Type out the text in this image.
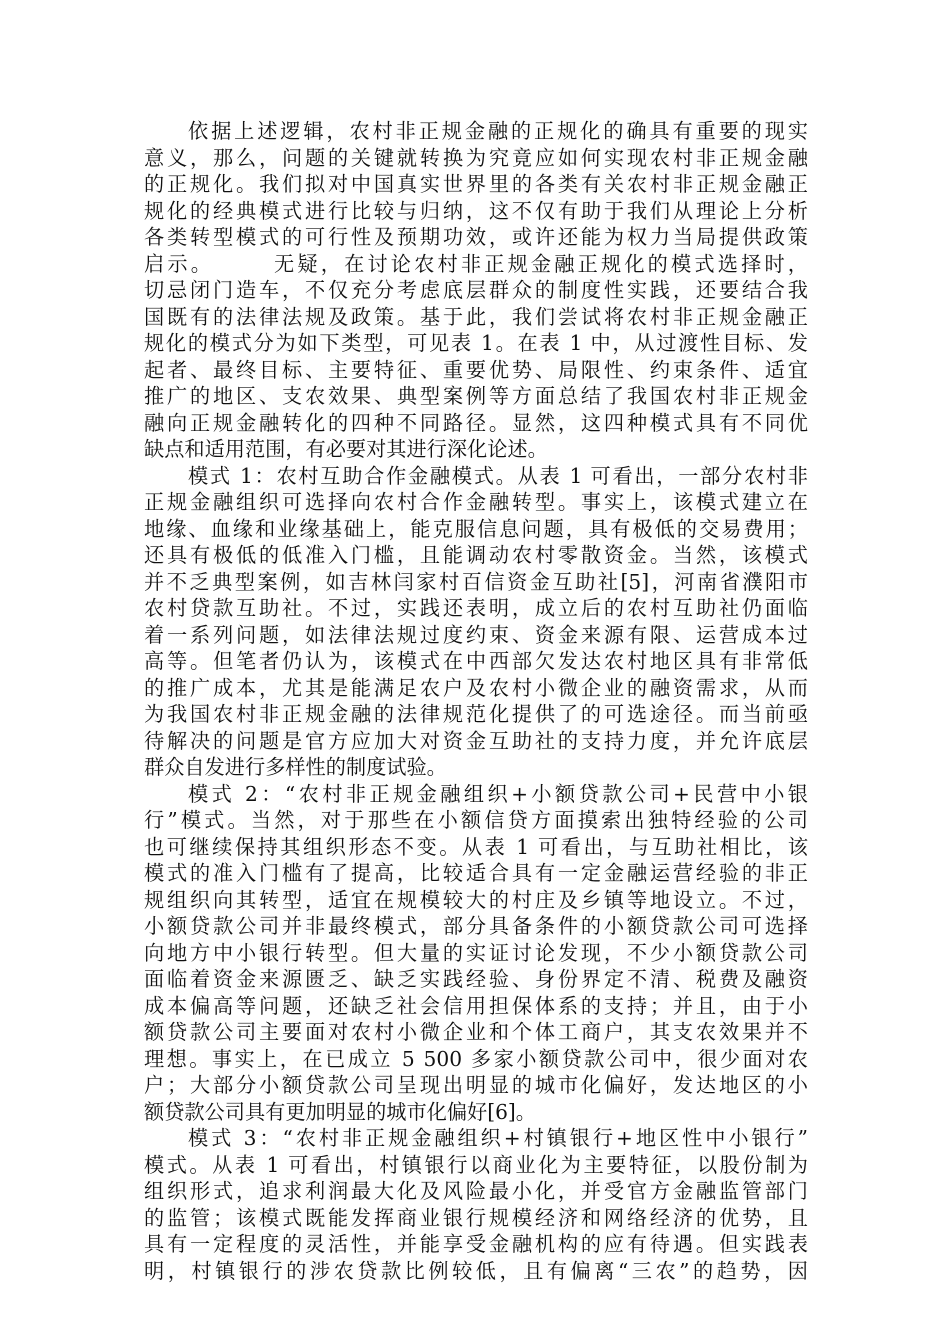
依据上述逻辑，农村非正规金融的正规化的确具有重要的现实
意义，那么，问题的关键就转换为究竟应如何实现农村非正规金融
的正规化。我们拟对中国真实世界里的各类有关农村非正规金融正
规化的经典模式进行比较与归纳，这不仅有助于我们从理论上分析
各类转型模式的可行性及预期功效，或许还能为权力当局提供政策
启示。　　　无疑，在讨论农村非正规金融正规化的模式选择时，
切忌闭门造车，不仅充分考虑底层群众的制度性实践，还要结合我
国既有的法律法规及政策。基于此，我们尝试将农村非正规金融正
规化的模式分为如下类型，可见表 1。在表 1 中，从过渡性目标、发
起者、最终目标、主要特征、重要优势、局限性、约束条件、适宜
推广的地区、支农效果、典型案例等方面总结了我国农村非正规金
融向正规金融转化的四种不同路径。显然，这四种模式具有不同优
缺点和适用范围，有必要对其进行深化论述。
模式 1：农村互助合作金融模式。从表 1 可看出，一部分农村非
正规金融组织可选择向农村合作金融转型。事实上，该模式建立在
地缘、血缘和业缘基础上，能克服信息问题，具有极低的交易费用；
还具有极低的低准入门槛，且能调动农村零散资金。当然，该模式
并不乏典型案例，如吉林闫家村百信资金互助社[5]，河南省濮阳市
农村贷款互助社。不过，实践还表明，成立后的农村互助社仍面临
着一系列问题，如法律法规过度约束、资金来源有限、运营成本过
高等。但笔者仍认为，该模式在中西部欠发达农村地区具有非常低
的推广成本，尤其是能满足农户及农村小微企业的融资需求，从而
为我国农村非正规金融的法律规范化提供了的可选途径。而当前亟
待解决的问题是官方应加大对资金互助社的支持力度，并允许底层
群众自发进行多样性的制度试验。
模式 2：“农村非正规金融组织+小额贷款公司+民营中小银
行”模式。当然，对于那些在小额信贷方面摸索出独特经验的公司
也可继续保持其组织形态不变。从表 1 可看出，与互助社相比，该
模式的准入门槛有了提高，比较适合具有一定金融运营经验的非正
规组织向其转型，适宜在规模较大的村庄及乡镇等地设立。不过，
小额贷款公司并非最终模式，部分具备条件的小额贷款公司可选择
向地方中小银行转型。但大量的实证讨论发现，不少小额贷款公司
面临着资金来源匮乏、缺乏实践经验、身份界定不清、税费及融资
成本偏高等问题，还缺乏社会信用担保体系的支持；并且，由于小
额贷款公司主要面对农村小微企业和个体工商户，其支农效果并不
理想。事实上，在已成立 5 500 多家小额贷款公司中，很少面对农
户；大部分小额贷款公司呈现出明显的城市化偏好，发达地区的小
额贷款公司具有更加明显的城市化偏好[6]。
模式 3：“农村非正规金融组织+村镇银行+地区性中小银行”
模式。从表 1 可看出，村镇银行以商业化为主要特征，以股份制为
组织形式，追求利润最大化及风险最小化，并受官方金融监管部门
的监管；该模式既能发挥商业银行规模经济和网络经济的优势，且
具有一定程度的灵活性，并能享受金融机构的应有待遇。但实践表
明，村镇银行的涉农贷款比例较低，且有偏离“三农”的趋势，因
